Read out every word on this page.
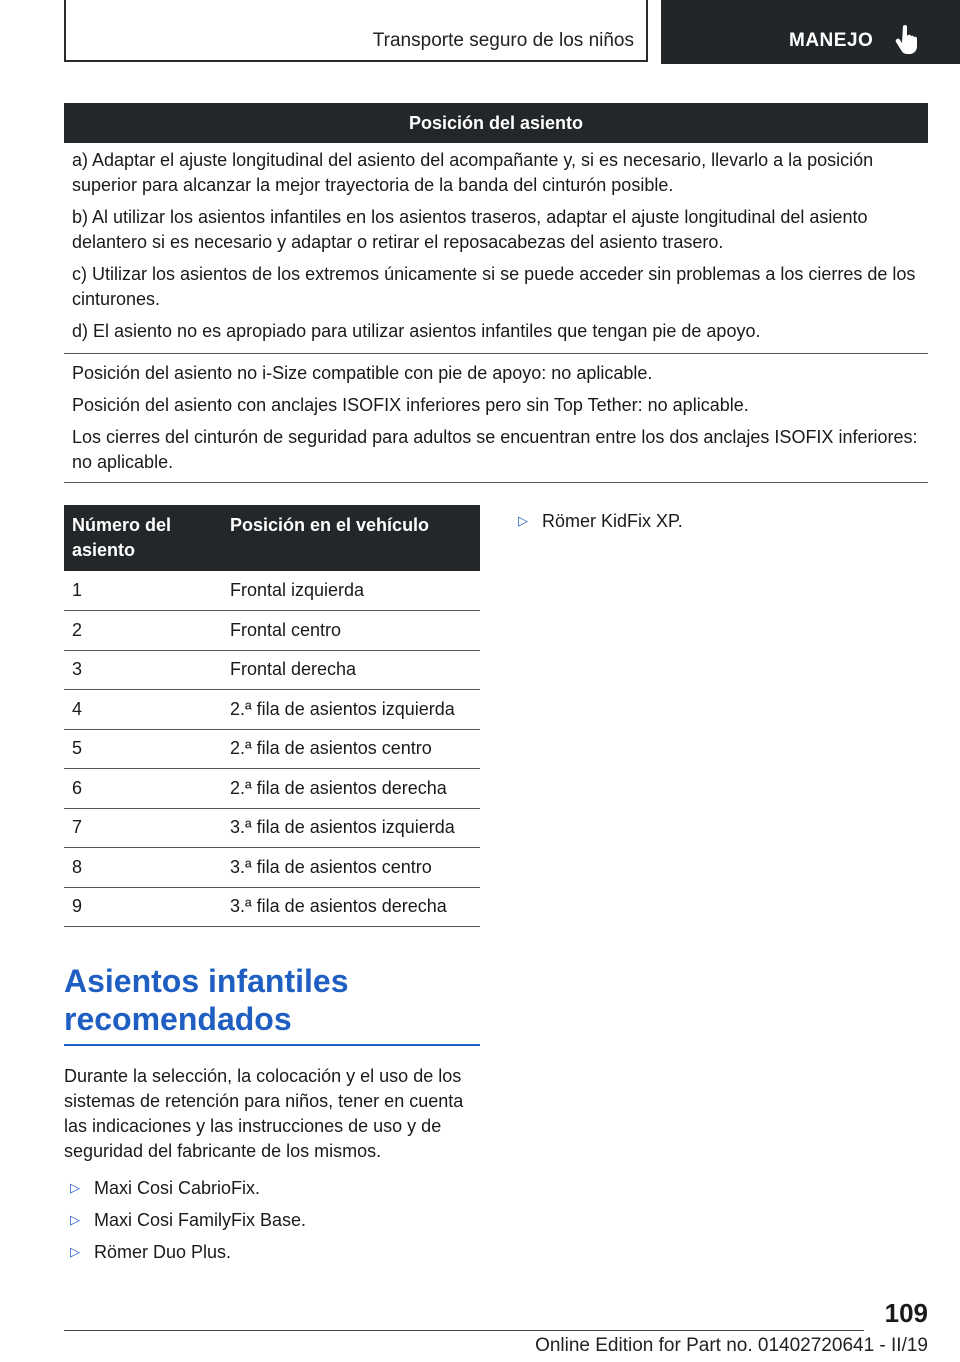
Transporte seguro de los niños	MANEJO
Posición del asiento

a) Adaptar el ajuste longitudinal del asiento del acompañante y, si es necesario, llevarlo a la posición superior para alcanzar la mejor trayectoria de la banda del cinturón posible.

b) Al utilizar los asientos infantiles en los asientos traseros, adaptar el ajuste longitudinal del asiento delantero si es necesario y adaptar o retirar el reposacabezas del asiento trasero.

c) Utilizar los asientos de los extremos únicamente si se puede acceder sin problemas a los cierres de los cinturones.

d) El asiento no es apropiado para utilizar asientos infantiles que tengan pie de apoyo.

Posición del asiento no i-Size compatible con pie de apoyo: no aplicable.

Posición del asiento con anclajes ISOFIX inferiores pero sin Top Tether: no aplicable.

Los cierres del cinturón de seguridad para adultos se encuentran entre los dos anclajes ISOFIX inferiores: no aplicable.

Número del asiento	Posición en el vehículo
1	Frontal izquierda
2	Frontal centro
3	Frontal derecha
4	2.ª fila de asientos izquierda
5	2.ª fila de asientos centro
6	2.ª fila de asientos derecha
7	3.ª fila de asientos izquierda
8	3.ª fila de asientos centro
9	3.ª fila de asientos derecha
▷ Römer KidFix XP.
Asientos infantiles recomendados

Durante la selección, la colocación y el uso de los sistemas de retención para niños, tener en cuenta las indicaciones y las instrucciones de uso y de seguridad del fabricante de los mismos.

▷ Maxi Cosi CabrioFix.
▷ Maxi Cosi FamilyFix Base.
▷ Römer Duo Plus.
109
Online Edition for Part no. 01402720641 - II/19
